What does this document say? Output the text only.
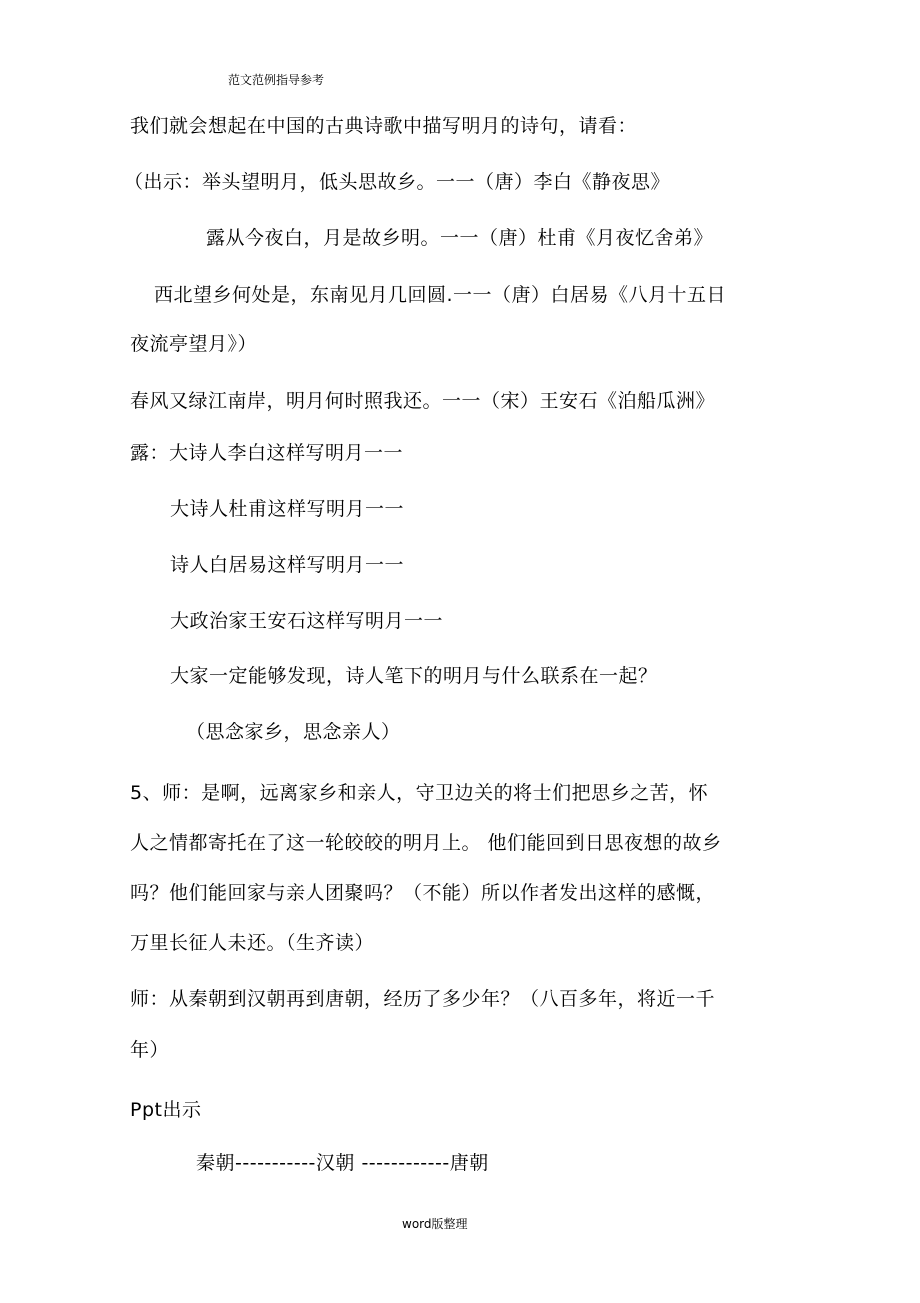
范文范例指导参考
我们就会想起在中国的古典诗歌中描写明月的诗句，请看：
（出示：举头望明月，低头思故乡。一一（唐）李白《静夜思》
露从今夜白，月是故乡明。一一（唐）杜甫《月夜忆舍弟》
西北望乡何处是，东南见月几回圆.一一（唐）白居易《八月十五日
夜流亭望月》）
春风又绿江南岸，明月何时照我还。一一（宋）王安石《泊船瓜洲》
露：大诗人李白这样写明月一一
大诗人杜甫这样写明月一一
诗人白居易这样写明月一一
大政治家王安石这样写明月一一
大家一定能够发现，诗人笔下的明月与什么联系在一起？
（思念家乡，思念亲人）
5、师：是啊，远离家乡和亲人，守卫边关的将士们把思乡之苦，怀
人之情都寄托在了这一轮皎皎的明月上。 他们能回到日思夜想的故乡
吗？他们能回家与亲人团聚吗？（不能）所以作者发出这样的感慨，
万里长征人未还。（生齐读）
师：从秦朝到汉朝再到唐朝，经历了多少年？（八百多年，将近一千
年）
Ppt出示
秦朝-----------汉朝 ------------唐朝
word版整理
